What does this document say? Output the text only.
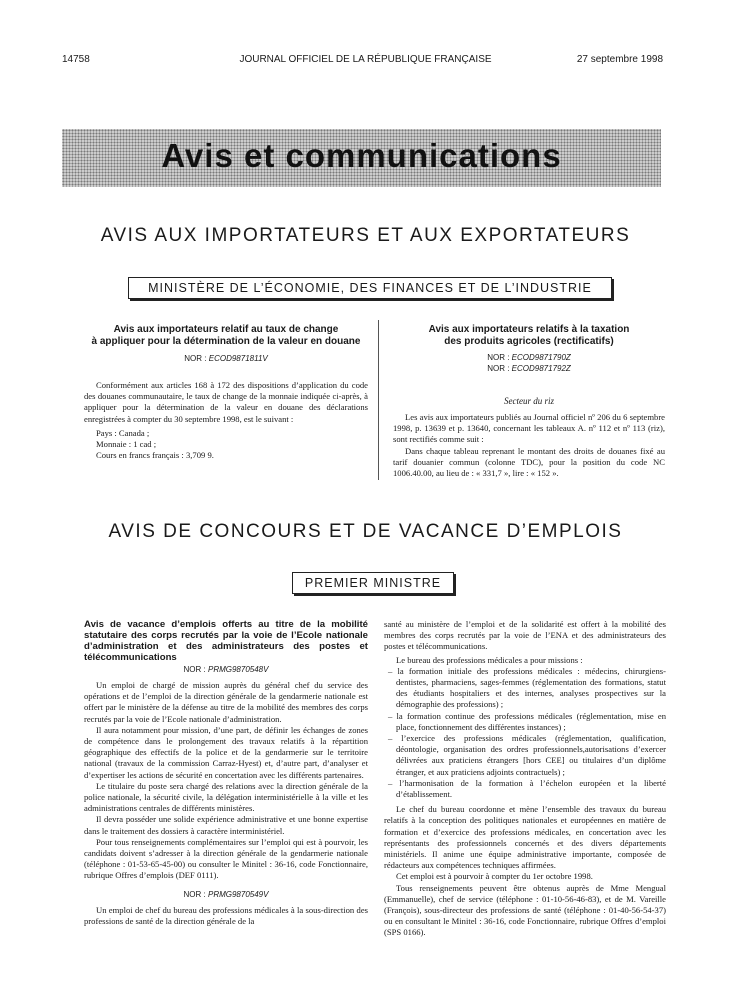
14758	JOURNAL OFFICIEL DE LA RÉPUBLIQUE FRANÇAISE	27 septembre 1998
Avis et communications
AVIS AUX IMPORTATEURS ET AUX EXPORTATEURS
MINISTÈRE DE L’ÉCONOMIE, DES FINANCES ET DE L’INDUSTRIE
Avis aux importateurs relatif au taux de change
à appliquer pour la détermination de la valeur en douane
NOR : ECOD9871811V

Conformément aux articles 168 à 172 des dispositions d’application du code des douanes communautaire, le taux de change de la monnaie indiquée ci-après, à appliquer pour la détermination de la valeur en douane des déclarations enregistrées à compter du 30 septembre 1998, est le suivant :

Pays : Canada ;

Monnaie : 1 cad ;

Cours en francs français : 3,709 9.

Avis aux importateurs relatifs à la taxation
des produits agricoles (rectificatifs)
NOR : ECOD9871790Z
NOR : ECOD9871792Z
Secteur du riz

Les avis aux importateurs publiés au Journal officiel nº 206 du 6 septembre 1998, p. 13639 et p. 13640, concernant les tableaux A. nº 112 et nº 113 (riz), sont rectifiés comme suit :

Dans chaque tableau reprenant le montant des droits de douanes fixé au tarif douanier commun (colonne TDC), pour la position du code NC 1006.40.00, au lieu de : « 331,7 », lire : « 152 ».

AVIS DE CONCOURS ET DE VACANCE D’EMPLOIS
PREMIER MINISTRE
Avis de vacance d’emplois offerts au titre de la mobilité statutaire des corps recrutés par la voie de l’Ecole nationale d’administration et des administrateurs des postes et télécommunications
NOR : PRMG9870548V

Un emploi de chargé de mission auprès du général chef du service des opérations et de l’emploi de la direction générale de la gendarmerie nationale est offert par le ministère de la défense au titre de la mobilité des membres des corps recrutés par la voie de l’Ecole nationale d’administration.

Il aura notamment pour mission, d’une part, de définir les échanges de zones de compétence dans le prolongement des travaux relatifs à la répartition géographique des effectifs de la police et de la gendarmerie sur le territoire national (travaux de la commission Carraz-Hyest) et, d’autre part, d’analyser et d’expertiser les actions de sécurité en concertation avec les différents partenaires.

Le titulaire du poste sera chargé des relations avec la direction générale de la police nationale, la sécurité civile, la délégation interministérielle à la ville et les administrations centrales de différents ministères.

Il devra posséder une solide expérience administrative et une bonne expertise dans le traitement des dossiers à caractère interministériel.

Pour tous renseignements complémentaires sur l’emploi qui est à pourvoir, les candidats doivent s’adresser à la direction générale de la gendarmerie nationale (téléphone : 01-53-65-45-00) ou consulter le Minitel : 36-16, code Fonctionnaire, rubrique Offres d’emplois (DEF 0111).

NOR : PRMG9870549V

Un emploi de chef du bureau des professions médicales à la sous-direction des professions de santé de la direction générale de la

santé au ministère de l’emploi et de la solidarité est offert à la mobilité des membres des corps recrutés par la voie de l’ENA et des administrateurs des postes et télécommunications.

Le bureau des professions médicales a pour missions :

– la formation initiale des professions médicales : médecins, chirurgiens-dentistes, pharmaciens, sages-femmes (réglementation des formations, statut des étudiants hospitaliers et des internes, analyses prospectives sur la démographie des professions) ;

– la formation continue des professions médicales (réglementation, mise en place, fonctionnement des différentes instances) ;

– l’exercice des professions médicales (réglementation, qualification, déontologie, organisation des ordres professionnels,autorisations d’exercer délivrées aux praticiens étrangers [hors CEE] ou titulaires d’un diplôme étranger, et aux praticiens adjoints contractuels) ;

– l’harmonisation de la formation à l’échelon européen et la liberté d’établissement.

Le chef du bureau coordonne et mène l’ensemble des travaux du bureau relatifs à la conception des politiques nationales et européennes en matière de formation et d’exercice des professions médicales, en concertation avec les représentants des professionnels concernés et des divers départements ministériels. Il anime une équipe administrative importante, composée de rédacteurs aux compétences techniques affirmées.

Cet emploi est à pourvoir à compter du 1er octobre 1998.

Tous renseignements peuvent être obtenus auprès de Mme Mengual (Emmanuelle), chef de service (téléphone : 01-10-56-46-83), et de M. Vareille (François), sous-directeur des professions de santé (téléphone : 01-40-56-54-37) ou en consultant le Minitel : 36-16, code Fonctionnaire, rubrique Offres d’emploi (SPS 0166).
